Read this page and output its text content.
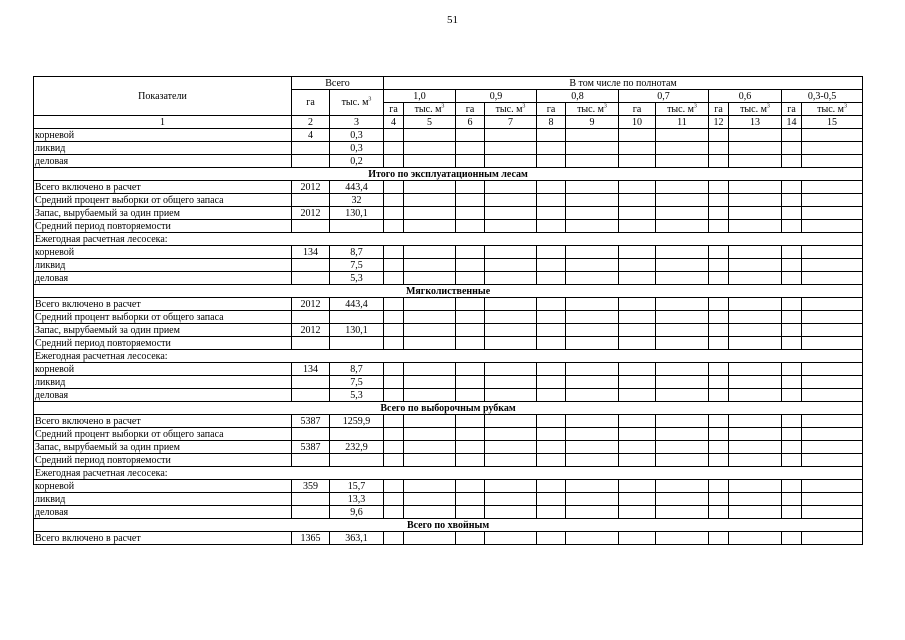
51
Показатели	Всего		В том числе по полнотам											
	га	тыс. $м^3$	1,0		0,9		0,8		0,7		0,6		0,3-0,5	
			га	тыс. $м^3$	га	тыс. $м^3$	га	тыс. $м^3$	га	тыс. $м^3$	га	тыс. $м^3$	га	тыс. $м^3$
1	2	3	4	5	6	7	8	9	10	11	12	13	14	15
корневой	4	0,3												
ликвид		0,3												
деловая		0,2												
Итого по эксплуатационным лесам														
Всего включено в расчет	2012	443,4												
Средний процент выборки от общего запаса		32												
Запас, вырубаемый за один прием	2012	130,1												
Средний период повторяемости														
Ежегодная расчетная лесосека:														
корневой	134	8,7												
ликвид		7,5												
деловая		5,3												
Мягколиственные														
Всего включено в расчет	2012	443,4												
Средний процент выборки от общего запаса														
Запас, вырубаемый за один прием	2012	130,1												
Средний период повторяемости														
Ежегодная расчетная лесосека:														
корневой	134	8,7												
ликвид		7,5												
деловая		5,3												
Всего по выборочным рубкам														
Всего включено в расчет	5387	1259,9												
Средний процент выборки от общего запаса														
Запас, вырубаемый за один прием	5387	232,9												
Средний период повторяемости														
Ежегодная расчетная лесосека:														
корневой	359	15,7												
ликвид		13,3												
деловая		9,6												
Всего по хвойным														
Всего включено в расчет	1365	363,1												
